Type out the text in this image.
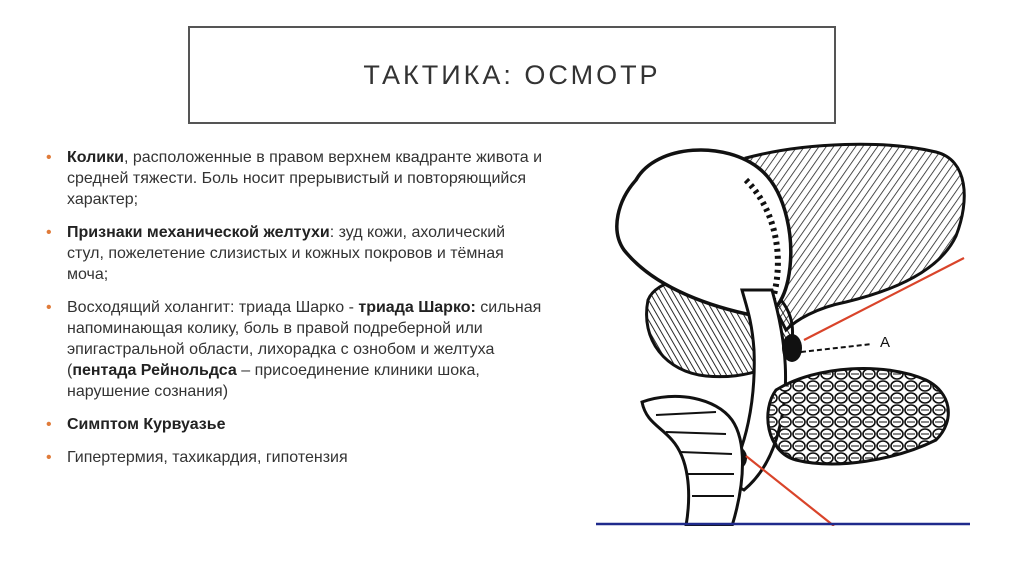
ТАКТИКА: ОСМОТР
• Колики, расположенные в правом верхнем квадранте живота и средней тяжести. Боль носит прерывистый и повторяющийся характер;
• Признаки механической желтухи: зуд кожи, ахолический стул, пожелетение слизистых и кожных покровов и тёмная моча;
• Восходящий холангит: триада Шарко - триада Шарко: сильная напоминающая колику, боль в правой подреберной или эпигастральной области, лихорадка с ознобом и желтуха (пентада Рейнольдса – присоединение клиники шока, нарушение сознания)
• Симптом Курвуазье
• Гипертермия, тахикардия, гипотензия
A
